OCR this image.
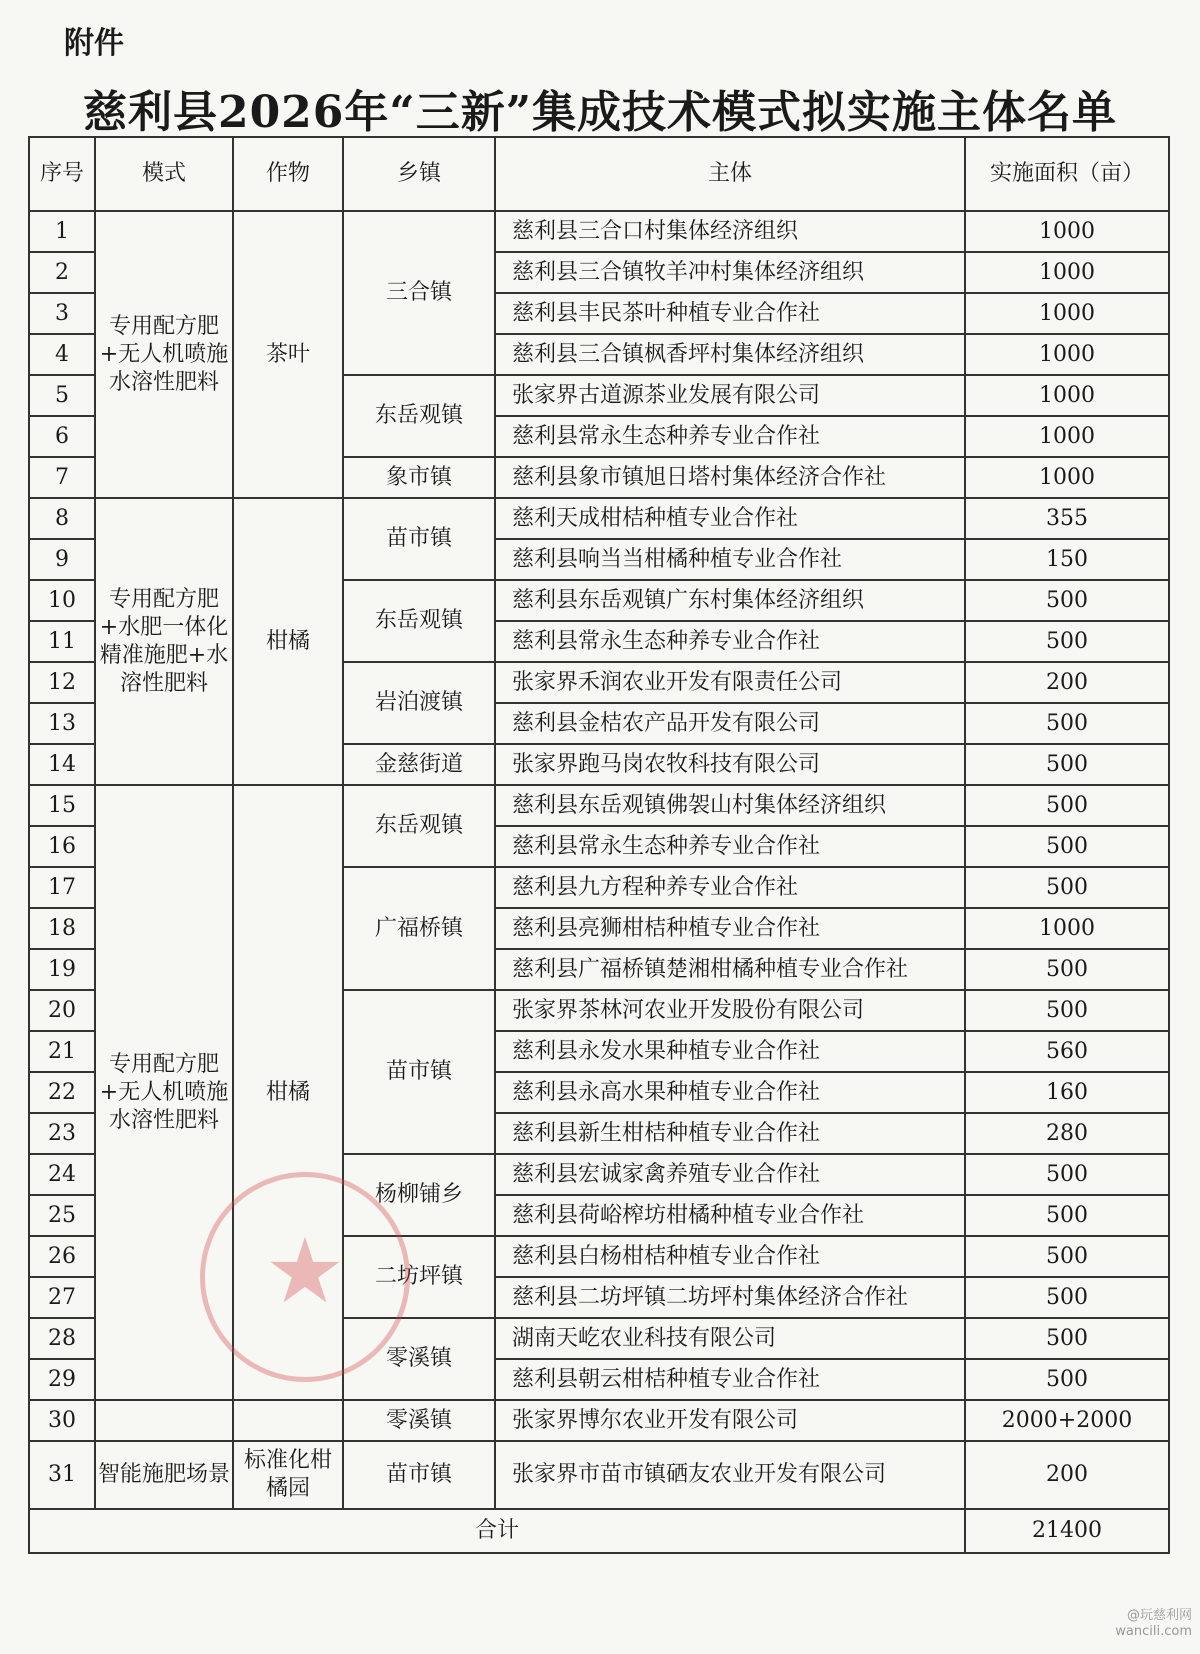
附件
慈利县2026年“三新”集成技术模式拟实施主体名单
序号	模式	作物	乡镇	主体	实施面积（亩）
1	专用配方肥+无人机喷施水溶性肥料	茶叶	三合镇	慈利县三合口村集体经济组织	1000
2				慈利县三合镇牧羊冲村集体经济组织	1000
3				慈利县丰民茶叶种植专业合作社	1000
4				慈利县三合镇枫香坪村集体经济组织	1000
5			东岳观镇	张家界古道源茶业发展有限公司	1000
6				慈利县常永生态种养专业合作社	1000
7			象市镇	慈利县象市镇旭日塔村集体经济合作社	1000
8	专用配方肥+水肥一体化精准施肥+水溶性肥料	柑橘	苗市镇	慈利天成柑桔种植专业合作社	355
9				慈利县响当当柑橘种植专业合作社	150
10			东岳观镇	慈利县东岳观镇广东村集体经济组织	500
11				慈利县常永生态种养专业合作社	500
12			岩泊渡镇	张家界禾润农业开发有限责任公司	200
13				慈利县金桔农产品开发有限公司	500
14			金慈街道	张家界跑马岗农牧科技有限公司	500
15	专用配方肥+无人机喷施水溶性肥料	柑橘	东岳观镇	慈利县东岳观镇佛袈山村集体经济组织	500
16				慈利县常永生态种养专业合作社	500
17			广福桥镇	慈利县九方程种养专业合作社	500
18				慈利县亮狮柑桔种植专业合作社	1000
19				慈利县广福桥镇楚湘柑橘种植专业合作社	500
20			苗市镇	张家界茶林河农业开发股份有限公司	500
21				慈利县永发水果种植专业合作社	560
22				慈利县永高水果种植专业合作社	160
23				慈利县新生柑桔种植专业合作社	280
24			杨柳铺乡	慈利县宏诚家禽养殖专业合作社	500
25				慈利县荷峪榨坊柑橘种植专业合作社	500
26			二坊坪镇	慈利县白杨柑桔种植专业合作社	500
27				慈利县二坊坪镇二坊坪村集体经济合作社	500
28			零溪镇	湖南天屹农业科技有限公司	500
29				慈利县朝云柑桔种植专业合作社	500
30			零溪镇	张家界博尔农业开发有限公司	2000+2000
31	智能施肥场景	标准化柑橘园	苗市镇	张家界市苗市镇硒友农业开发有限公司	200
合计					21400
★
@玩慈利网
wancili.com
